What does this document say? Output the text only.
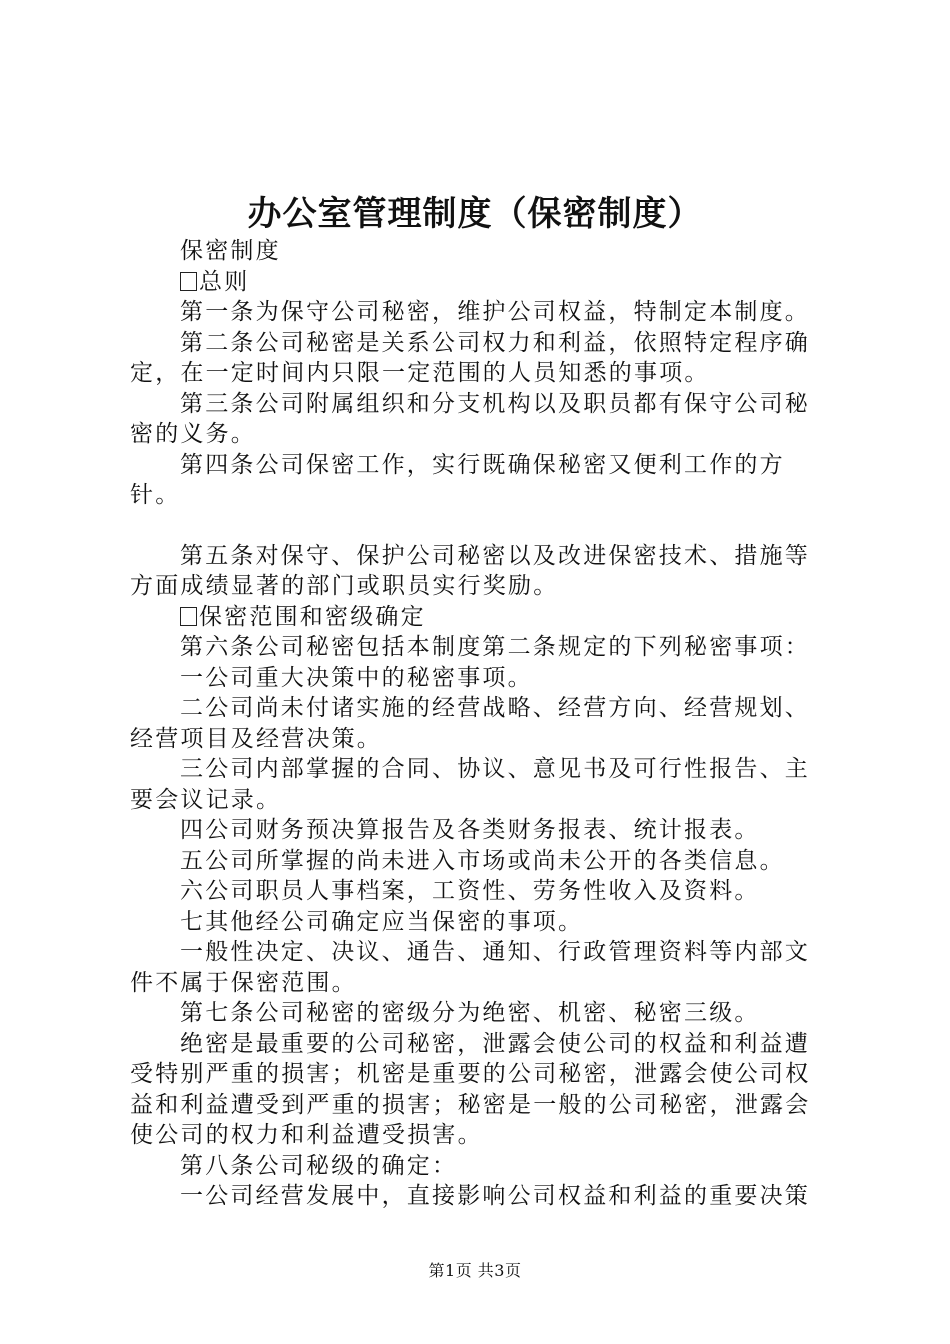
办公室管理制度（保密制度）

保密制度

总则

第一条为保守公司秘密，维护公司权益，特制定本制度。

第二条公司秘密是关系公司权力和利益，依照特定程序确定，在一定时间内只限一定范围的人员知悉的事项。

第三条公司附属组织和分支机构以及职员都有保守公司秘密的义务。

第四条公司保密工作，实行既确保秘密又便利工作的方针。

第五条对保守、保护公司秘密以及改进保密技术、措施等方面成绩显著的部门或职员实行奖励。

保密范围和密级确定

第六条公司秘密包括本制度第二条规定的下列秘密事项：

一公司重大决策中的秘密事项。

二公司尚未付诸实施的经营战略、经营方向、经营规划、经营项目及经营决策。

三公司内部掌握的合同、协议、意见书及可行性报告、主要会议记录。

四公司财务预决算报告及各类财务报表、统计报表。

五公司所掌握的尚未进入市场或尚未公开的各类信息。

六公司职员人事档案，工资性、劳务性收入及资料。

七其他经公司确定应当保密的事项。

一般性决定、决议、通告、通知、行政管理资料等内部文件不属于保密范围。

第七条公司秘密的密级分为绝密、机密、秘密三级。

绝密是最重要的公司秘密，泄露会使公司的权益和利益遭受特别严重的损害；机密是重要的公司秘密，泄露会使公司权益和利益遭受到严重的损害；秘密是一般的公司秘密，泄露会使公司的权力和利益遭受损害。

第八条公司秘级的确定：

一公司经营发展中，直接影响公司权益和利益的重要决策

第1页 共3页
